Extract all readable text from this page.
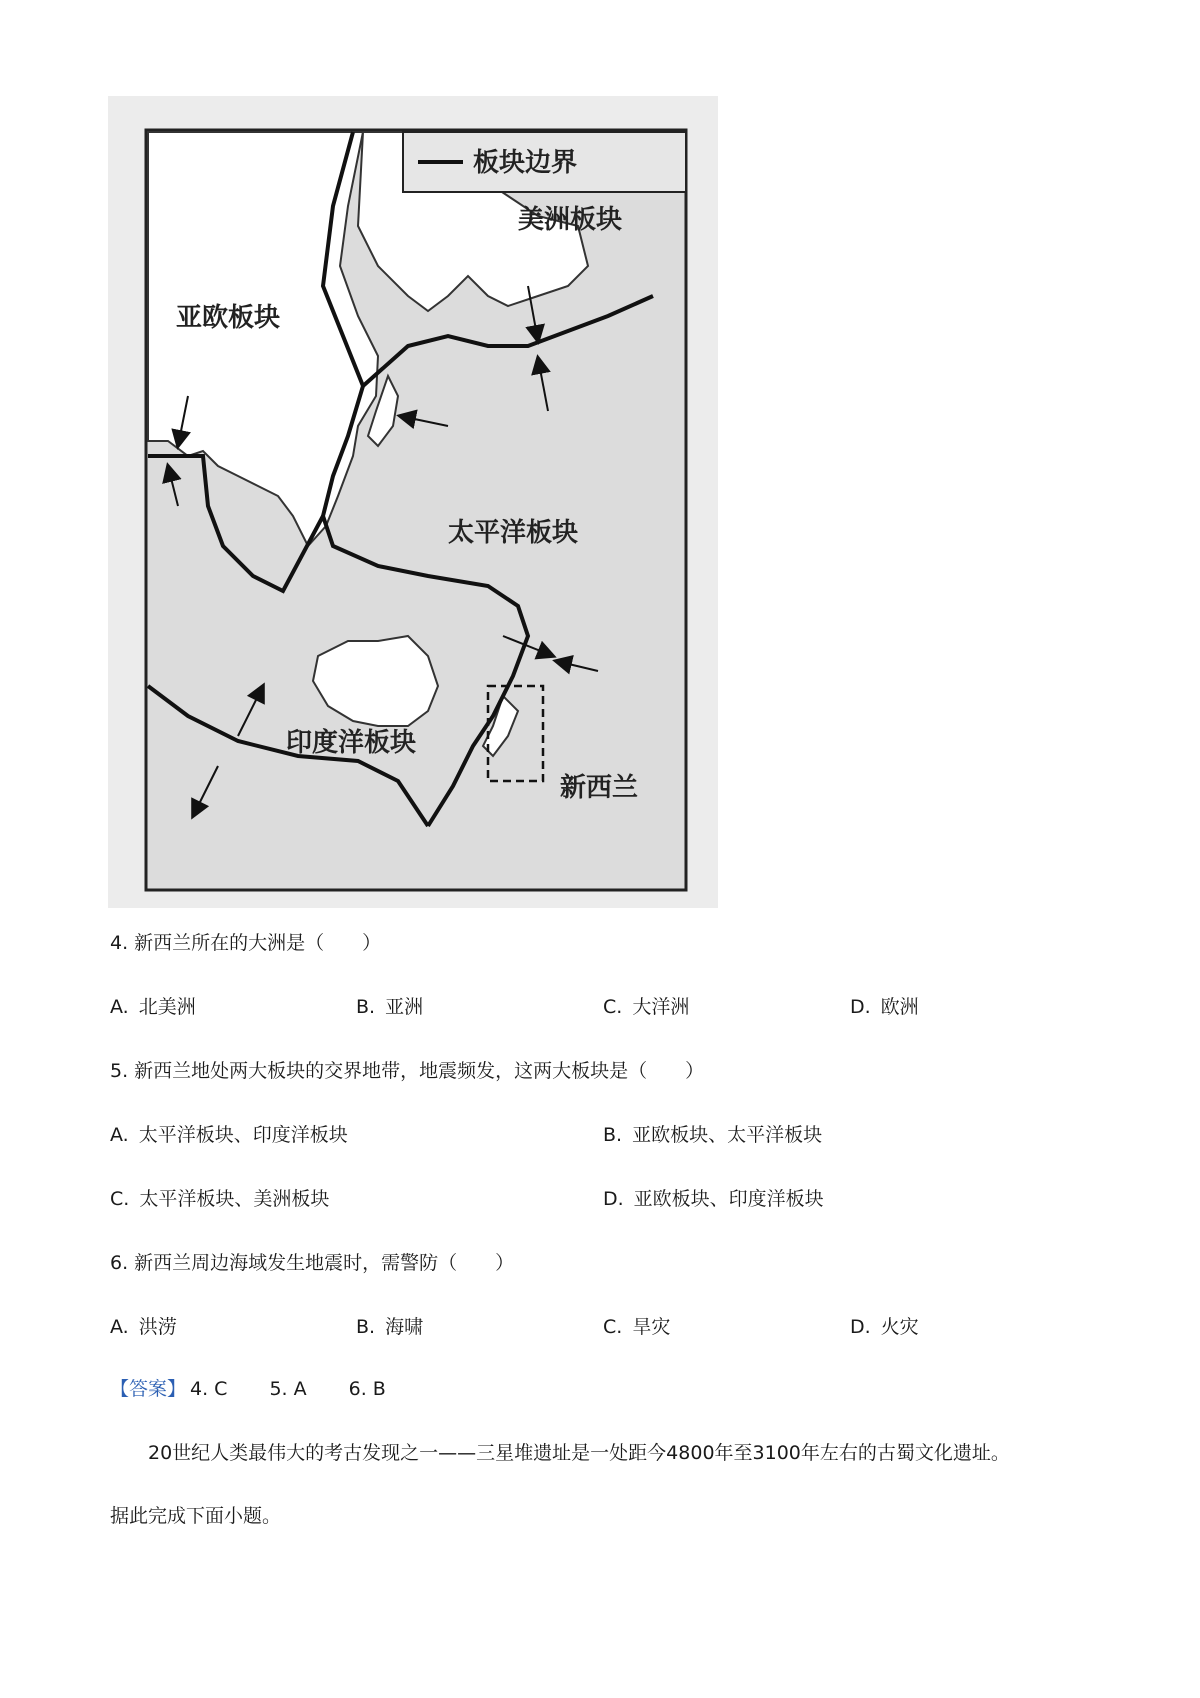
板块边界
亚欧板块
美洲板块
太平洋板块
印度洋板块
新西兰
4. 新西兰所在的大洲是（　　）
A. 北美洲	B. 亚洲	C. 大洋洲	D. 欧洲
5. 新西兰地处两大板块的交界地带，地震频发，这两大板块是（　　）
A. 太平洋板块、印度洋板块	B. 亚欧板块、太平洋板块
C. 太平洋板块、美洲板块	D. 亚欧板块、印度洋板块
6. 新西兰周边海域发生地震时，需警防（　　）
A. 洪涝	B. 海啸	C. 旱灾	D. 火灾
【答案】 4. C 5. A 6. B
20世纪人类最伟大的考古发现之一——三星堆遗址是一处距今4800年至3100年左右的古蜀文化遗址。
据此完成下面小题。
